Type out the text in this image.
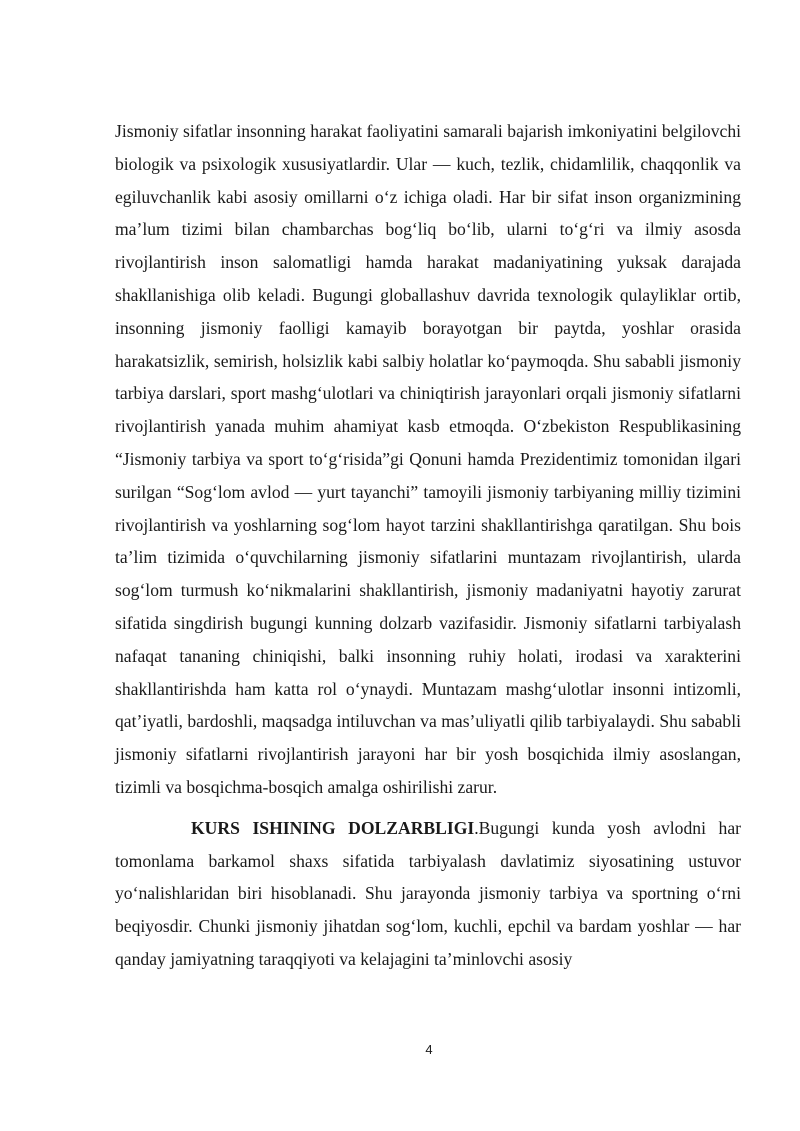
Jismoniy sifatlar insonning harakat faoliyatini samarali bajarish imkoniyatini belgilovchi biologik va psixologik xususiyatlardir. Ular — kuch, tezlik, chidamlilik, chaqqonlik va egiluvchanlik kabi asosiy omillarni oʻz ichiga oladi. Har bir sifat inson organizmining maʼlum tizimi bilan chambarchas bogʻliq boʻlib, ularni toʻgʻri va ilmiy asosda rivojlantirish inson salomatligi hamda harakat madaniyatining yuksak darajada shakllanishiga olib keladi. Bugungi globallashuv davrida texnologik qulayliklar ortib, insonning jismoniy faolligi kamayib borayotgan bir paytda, yoshlar orasida harakatsizlik, semirish, holsizlik kabi salbiy holatlar koʻpaymoqda. Shu sababli jismoniy tarbiya darslari, sport mashgʻulotlari va chiniqtirish jarayonlari orqali jismoniy sifatlarni rivojlantirish yanada muhim ahamiyat kasb etmoqda. Oʻzbekiston Respublikasining “Jismoniy tarbiya va sport toʻgʻrisida”gi Qonuni hamda Prezidentimiz tomonidan ilgari surilgan “Sogʻlom avlod — yurt tayanchi” tamoyili jismoniy tarbiyaning milliy tizimini rivojlantirish va yoshlarning sogʻlom hayot tarzini shakllantirishga qaratilgan. Shu bois taʼlim tizimida oʻquvchilarning jismoniy sifatlarini muntazam rivojlantirish, ularda sogʻlom turmush koʻnikmalarini shakllantirish, jismoniy madaniyatni hayotiy zarurat sifatida singdirish bugungi kunning dolzarb vazifasidir. Jismoniy sifatlarni tarbiyalash nafaqat tananing chiniqishi, balki insonning ruhiy holati, irodasi va xarakterini shakllantirishda ham katta rol oʻynaydi. Muntazam mashgʻulotlar insonni intizomli, qatʼiyatli, bardoshli, maqsadga intiluvchan va masʼuliyatli qilib tarbiyalaydi. Shu sababli jismoniy sifatlarni rivojlantirish jarayoni har bir yosh bosqichida ilmiy asoslangan, tizimli va bosqichma-bosqich amalga oshirilishi zarur.

KURS ISHINING DOLZARBLIGI.Bugungi kunda yosh avlodni har tomonlama barkamol shaxs sifatida tarbiyalash davlatimiz siyosatining ustuvor yoʻnalishlaridan biri hisoblanadi. Shu jarayonda jismoniy tarbiya va sportning oʻrni beqiyosdir. Chunki jismoniy jihatdan sogʻlom, kuchli, epchil va bardam yoshlar — har qanday jamiyatning taraqqiyoti va kelajagini taʼminlovchi asosiy

4
